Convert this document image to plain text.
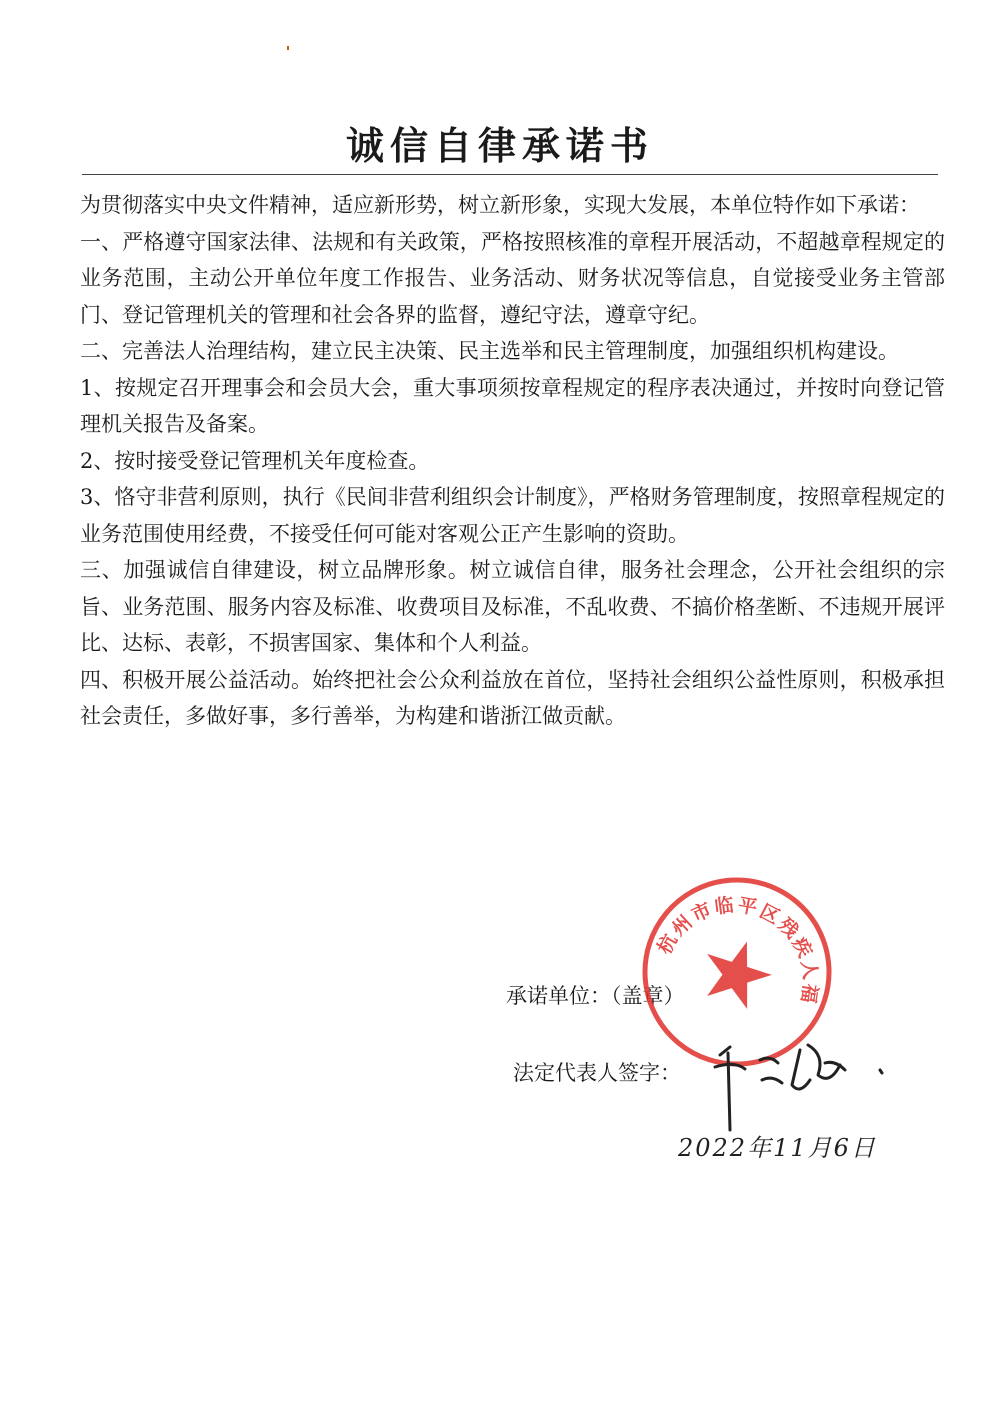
诚信自律承诺书

为贯彻落实中央文件精神，适应新形势，树立新形象，实现大发展，本单位特作如下承诺：

一、严格遵守国家法律、法规和有关政策，严格按照核准的章程开展活动，不超越章程规定的业务范围，主动公开单位年度工作报告、业务活动、财务状况等信息，自觉接受业务主管部门、登记管理机关的管理和社会各界的监督，遵纪守法，遵章守纪。

二、完善法人治理结构，建立民主决策、民主选举和民主管理制度，加强组织机构建设。

1、按规定召开理事会和会员大会，重大事项须按章程规定的程序表决通过，并按时向登记管理机关报告及备案。

2、按时接受登记管理机关年度检查。

3、恪守非营利原则，执行《民间非营利组织会计制度》，严格财务管理制度，按照章程规定的业务范围使用经费，不接受任何可能对客观公正产生影响的资助。

三、加强诚信自律建设，树立品牌形象。树立诚信自律，服务社会理念，公开社会组织的宗旨、业务范围、服务内容及标准、收费项目及标准，不乱收费、不搞价格垄断、不违规开展评比、达标、表彰，不损害国家、集体和个人利益。

四、积极开展公益活动。始终把社会公众利益放在首位，坚持社会组织公益性原则，积极承担社会责任，多做好事，多行善举，为构建和谐浙江做贡献。

承诺单位：（盖章）
法定代表人签字：
杭州市临平区残疾人福利基金会
2022年11月6日
